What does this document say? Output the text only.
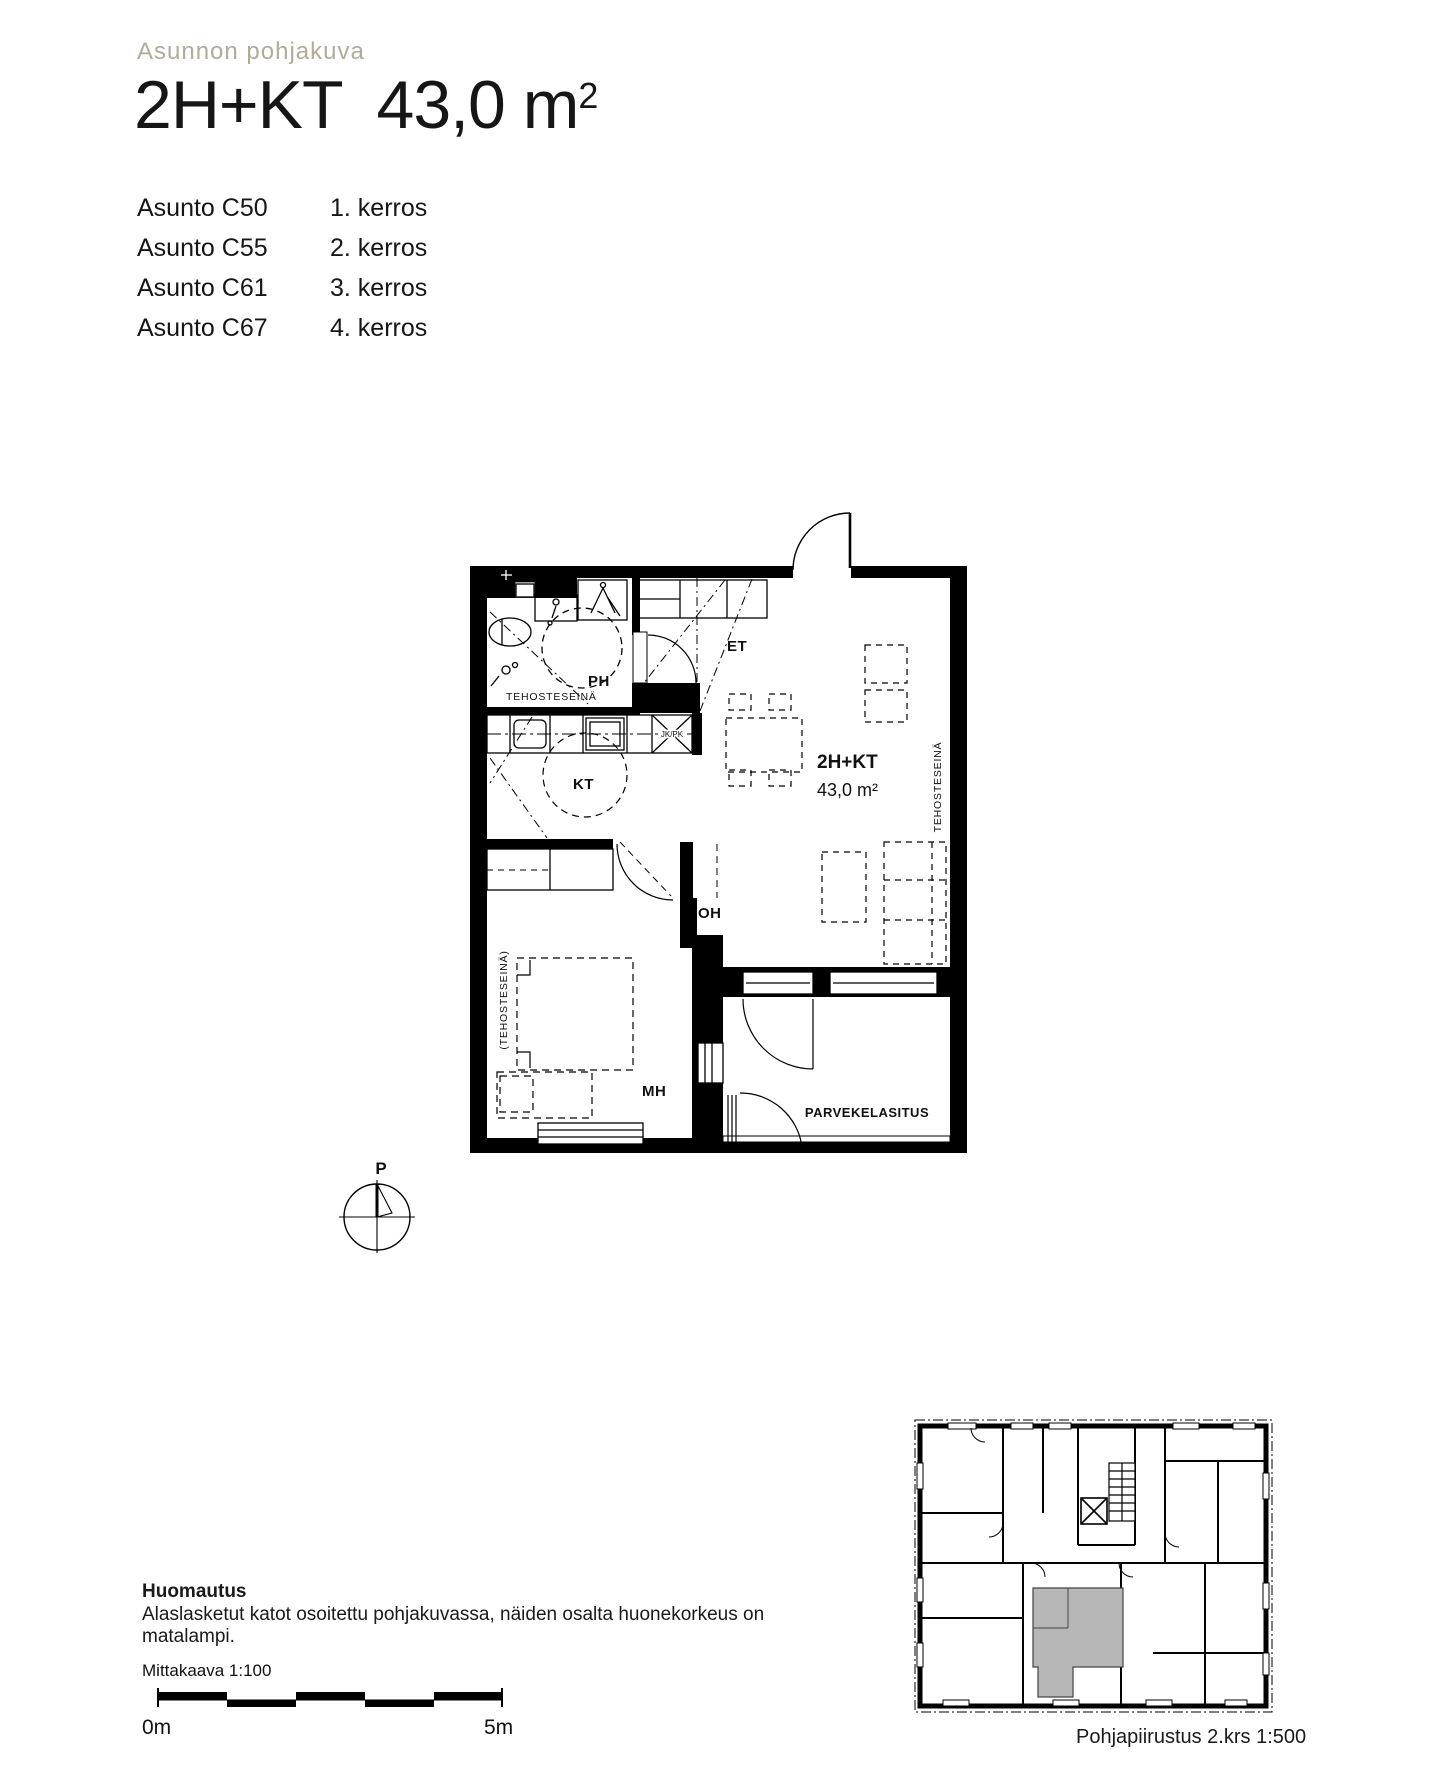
Asunnon pohjakuva
2H+KT 43,0 $m^2$
Asunto C50	1. kerros
Asunto C55	2. kerros
Asunto C61	3. kerros
Asunto C67	4. kerros
PH
TEHOSTESEINÄ
ET
KT
OH
MH
JK/PK
2H+KT
43,0 m²
PARVEKELASITUS
TEHOSTESEINÄ
(TEHOSTESEINÄ)
P
Huomautus
Alaslasketut katot osoitettu pohjakuvassa, näiden osalta huonekorkeus on matalampi.
Mittakaava 1:100
0m	5m	Pohjapiirustus 2.krs 1:500
